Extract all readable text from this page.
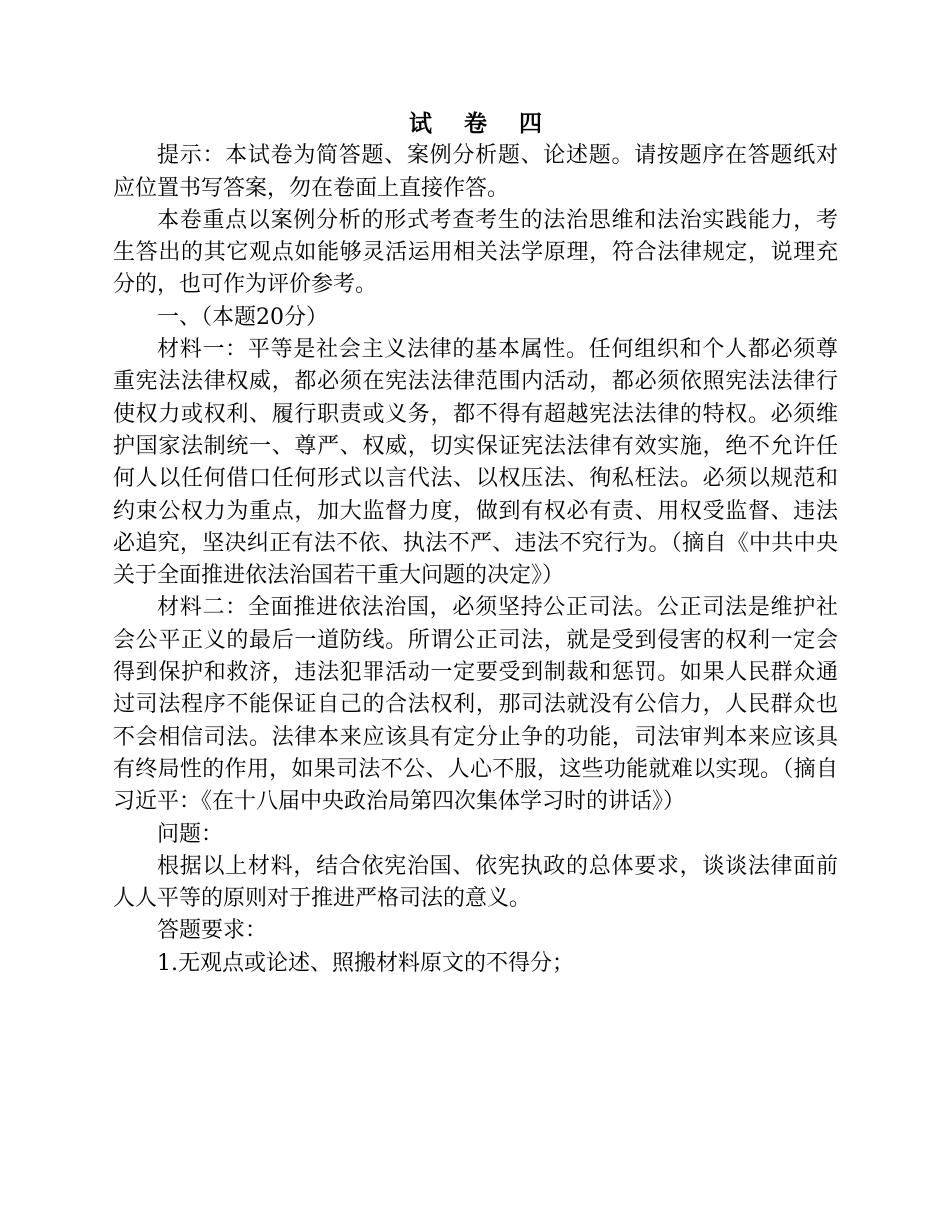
试 卷 四

提示：本试卷为简答题、案例分析题、论述题。请按题序在答题纸对应位置书写答案，勿在卷面上直接作答。

本卷重点以案例分析的形式考查考生的法治思维和法治实践能力，考生答出的其它观点如能够灵活运用相关法学原理，符合法律规定，说理充分的，也可作为评价参考。

一、（本题20分）

材料一：平等是社会主义法律的基本属性。任何组织和个人都必须尊重宪法法律权威，都必须在宪法法律范围内活动，都必须依照宪法法律行使权力或权利、履行职责或义务，都不得有超越宪法法律的特权。必须维护国家法制统一、尊严、权威，切实保证宪法法律有效实施，绝不允许任何人以任何借口任何形式以言代法、以权压法、徇私枉法。必须以规范和约束公权力为重点，加大监督力度，做到有权必有责、用权受监督、违法必追究，坚决纠正有法不依、执法不严、违法不究行为。（摘自《中共中央关于全面推进依法治国若干重大问题的决定》）

材料二：全面推进依法治国，必须坚持公正司法。公正司法是维护社会公平正义的最后一道防线。所谓公正司法，就是受到侵害的权利一定会得到保护和救济，违法犯罪活动一定要受到制裁和惩罚。如果人民群众通过司法程序不能保证自己的合法权利，那司法就没有公信力，人民群众也不会相信司法。法律本来应该具有定分止争的功能，司法审判本来应该具有终局性的作用，如果司法不公、人心不服，这些功能就难以实现。（摘自习近平：《在十八届中央政治局第四次集体学习时的讲话》）

问题：

根据以上材料，结合依宪治国、依宪执政的总体要求，谈谈法律面前人人平等的原则对于推进严格司法的意义。

答题要求：

1.无观点或论述、照搬材料原文的不得分；
